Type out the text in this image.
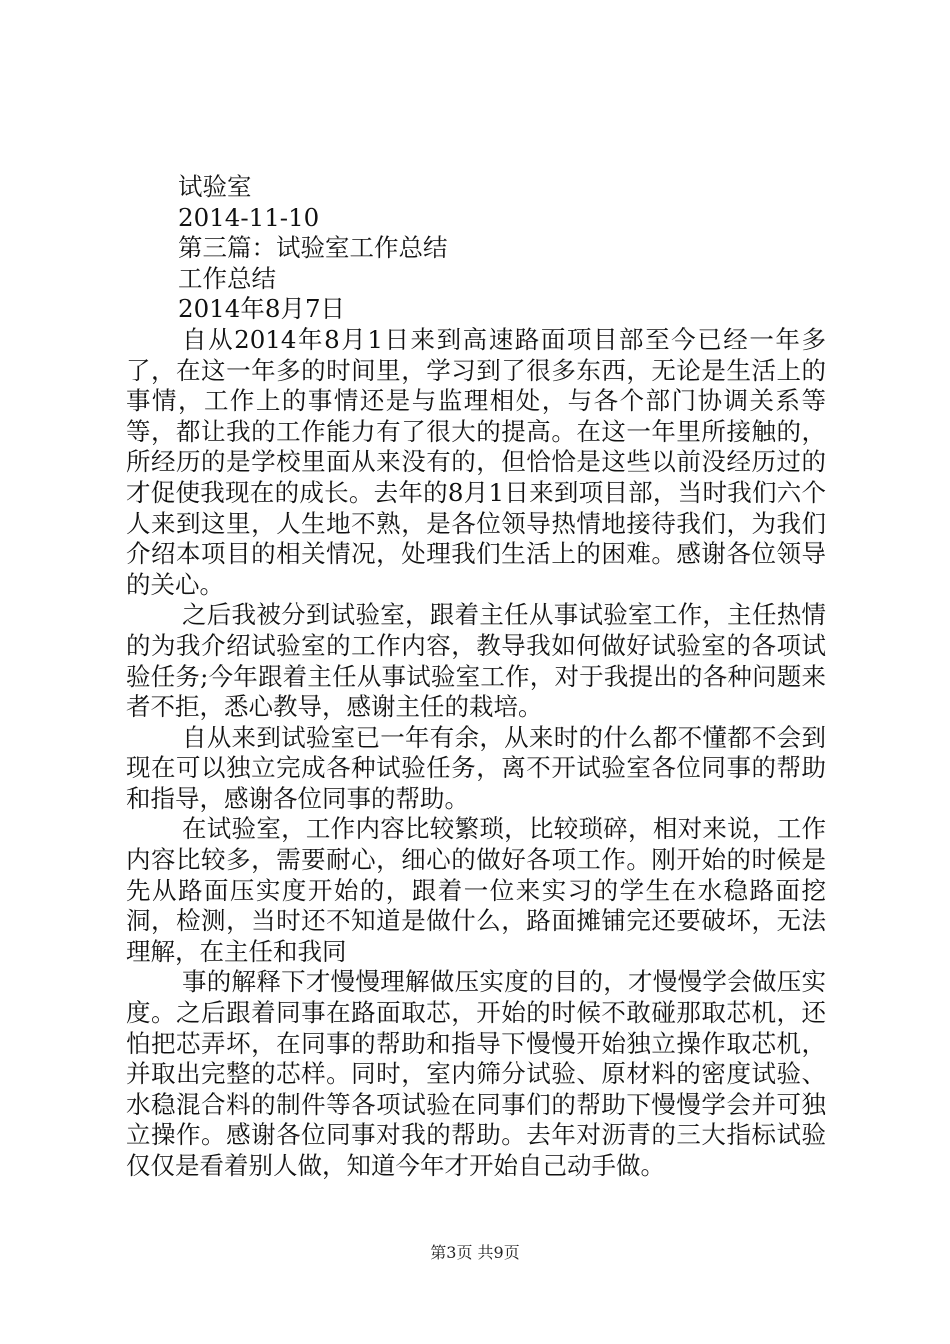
试验室
2014-11-10
第三篇：试验室工作总结
工作总结
2014年8月7日

自从2014年8月1日来到高速路面项目部至今已经一年多了，在这一年多的时间里，学习到了很多东西，无论是生活上的事情，工作上的事情还是与监理相处，与各个部门协调关系等等，都让我的工作能力有了很大的提高。在这一年里所接触的，所经历的是学校里面从来没有的，但恰恰是这些以前没经历过的才促使我现在的成长。去年的8月1日来到项目部，当时我们六个人来到这里，人生地不熟，是各位领导热情地接待我们，为我们介绍本项目的相关情况，处理我们生活上的困难。感谢各位领导的关心。

之后我被分到试验室，跟着主任从事试验室工作，主任热情的为我介绍试验室的工作内容，教导我如何做好试验室的各项试验任务;今年跟着主任从事试验室工作，对于我提出的各种问题来者不拒，悉心教导，感谢主任的栽培。

自从来到试验室已一年有余，从来时的什么都不懂都不会到现在可以独立完成各种试验任务，离不开试验室各位同事的帮助和指导，感谢各位同事的帮助。

在试验室，工作内容比较繁琐，比较琐碎，相对来说，工作内容比较多，需要耐心，细心的做好各项工作。刚开始的时候是先从路面压实度开始的，跟着一位来实习的学生在水稳路面挖洞，检测，当时还不知道是做什么，路面摊铺完还要破坏，无法理解，在主任和我同

事的解释下才慢慢理解做压实度的目的，才慢慢学会做压实度。之后跟着同事在路面取芯，开始的时候不敢碰那取芯机，还怕把芯弄坏，在同事的帮助和指导下慢慢开始独立操作取芯机，并取出完整的芯样。同时，室内筛分试验、原材料的密度试验、水稳混合料的制件等各项试验在同事们的帮助下慢慢学会并可独立操作。感谢各位同事对我的帮助。去年对沥青的三大指标试验仅仅是看着别人做，知道今年才开始自己动手做。

第3页 共9页
